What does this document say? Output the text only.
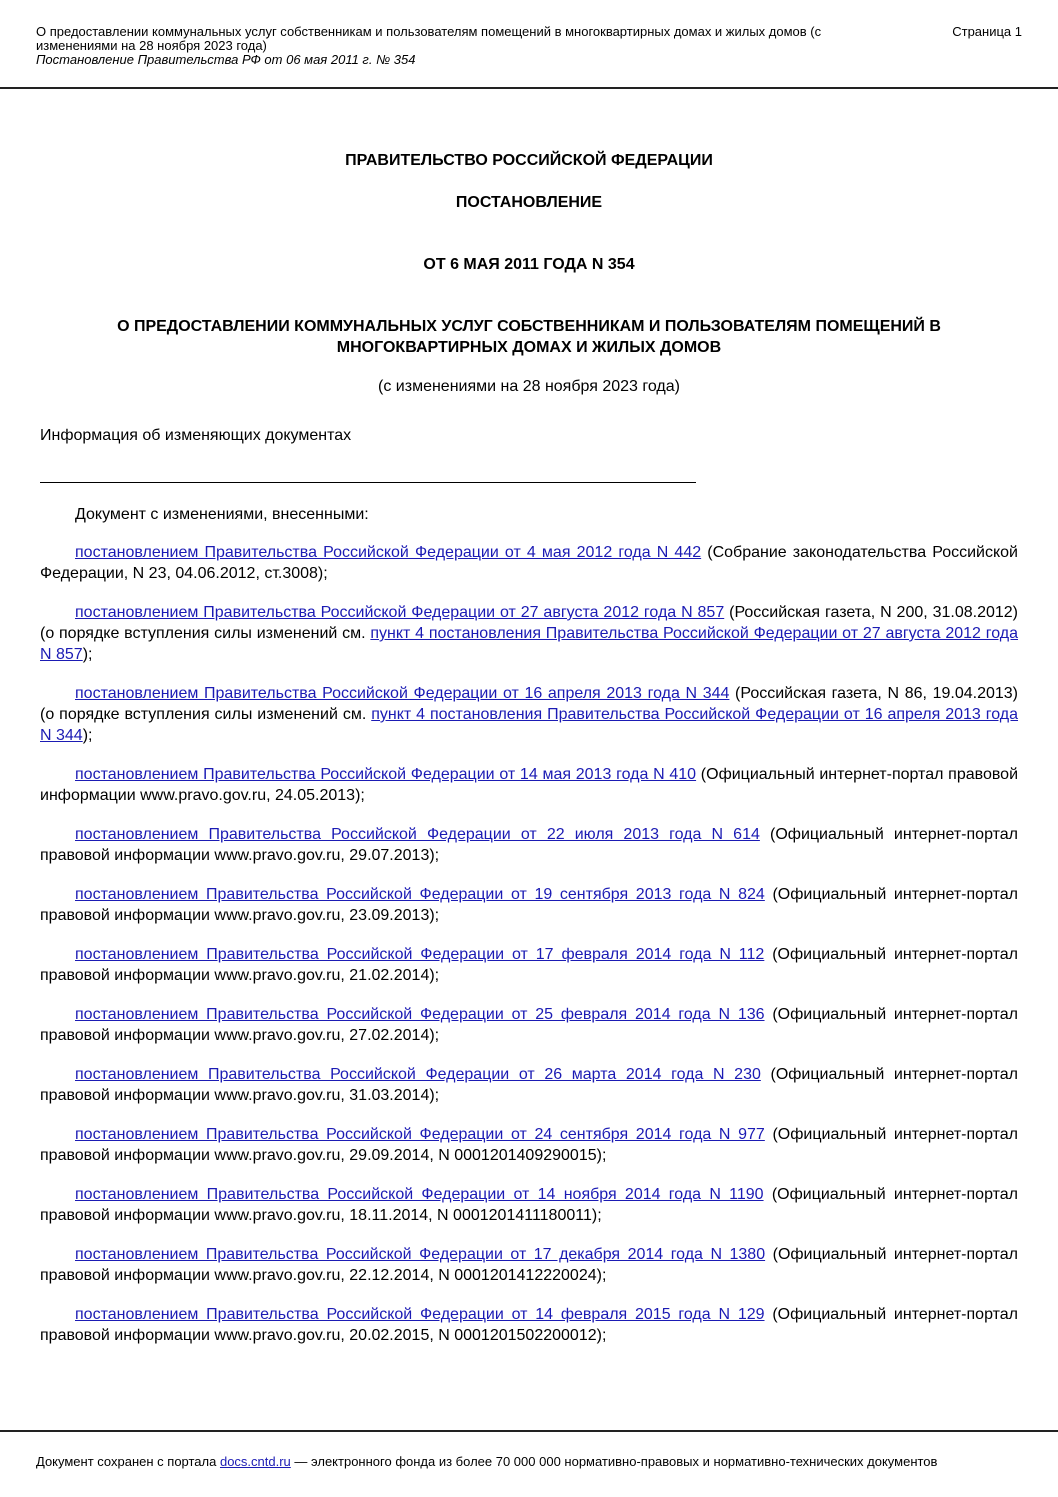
О предоставлении коммунальных услуг собственникам и пользователям помещений в многоквартирных домах и жилых домов (с изменениями на 28 ноября 2023 года)
Постановление Правительства РФ от 06 мая 2011 г. № 354
Страница 1
ПРАВИТЕЛЬСТВО РОССИЙСКОЙ ФЕДЕРАЦИИ
ПОСТАНОВЛЕНИЕ
ОТ 6 МАЯ 2011 ГОДА N 354
О ПРЕДОСТАВЛЕНИИ КОММУНАЛЬНЫХ УСЛУГ СОБСТВЕННИКАМ И ПОЛЬЗОВАТЕЛЯМ ПОМЕЩЕНИЙ В МНОГОКВАРТИРНЫХ ДОМАХ И ЖИЛЫХ ДОМОВ
(с изменениями на 28 ноября 2023 года)
Информация об изменяющих документах
Документ с изменениями, внесенными:

постановлением Правительства Российской Федерации от 4 мая 2012 года N 442 (Собрание законодательства Российской Федерации, N 23, 04.06.2012, ст.3008);

постановлением Правительства Российской Федерации от 27 августа 2012 года N 857 (Российская газета, N 200, 31.08.2012) (о порядке вступления силы изменений см. пункт 4 постановления Правительства Российской Федерации от 27 августа 2012 года N 857);

постановлением Правительства Российской Федерации от 16 апреля 2013 года N 344 (Российская газета, N 86, 19.04.2013) (о порядке вступления силы изменений см. пункт 4 постановления Правительства Российской Федерации от 16 апреля 2013 года N 344);

постановлением Правительства Российской Федерации от 14 мая 2013 года N 410 (Официальный интернет-портал правовой информации www.pravo.gov.ru, 24.05.2013);

постановлением Правительства Российской Федерации от 22 июля 2013 года N 614 (Официальный интернет-портал правовой информации www.pravo.gov.ru, 29.07.2013);

постановлением Правительства Российской Федерации от 19 сентября 2013 года N 824 (Официальный интернет-портал правовой информации www.pravo.gov.ru, 23.09.2013);

постановлением Правительства Российской Федерации от 17 февраля 2014 года N 112 (Официальный интернет-портал правовой информации www.pravo.gov.ru, 21.02.2014);

постановлением Правительства Российской Федерации от 25 февраля 2014 года N 136 (Официальный интернет-портал правовой информации www.pravo.gov.ru, 27.02.2014);

постановлением Правительства Российской Федерации от 26 марта 2014 года N 230 (Официальный интернет-портал правовой информации www.pravo.gov.ru, 31.03.2014);

постановлением Правительства Российской Федерации от 24 сентября 2014 года N 977 (Официальный интернет-портал правовой информации www.pravo.gov.ru, 29.09.2014, N 0001201409290015);

постановлением Правительства Российской Федерации от 14 ноября 2014 года N 1190 (Официальный интернет-портал правовой информации www.pravo.gov.ru, 18.11.2014, N 0001201411180011);

постановлением Правительства Российской Федерации от 17 декабря 2014 года N 1380 (Официальный интернет-портал правовой информации www.pravo.gov.ru, 22.12.2014, N 0001201412220024);

постановлением Правительства Российской Федерации от 14 февраля 2015 года N 129 (Официальный интернет-портал правовой информации www.pravo.gov.ru, 20.02.2015, N 0001201502200012);

Документ сохранен с портала docs.cntd.ru — электронного фонда из более 70 000 000 нормативно-правовых и нормативно-технических документов
